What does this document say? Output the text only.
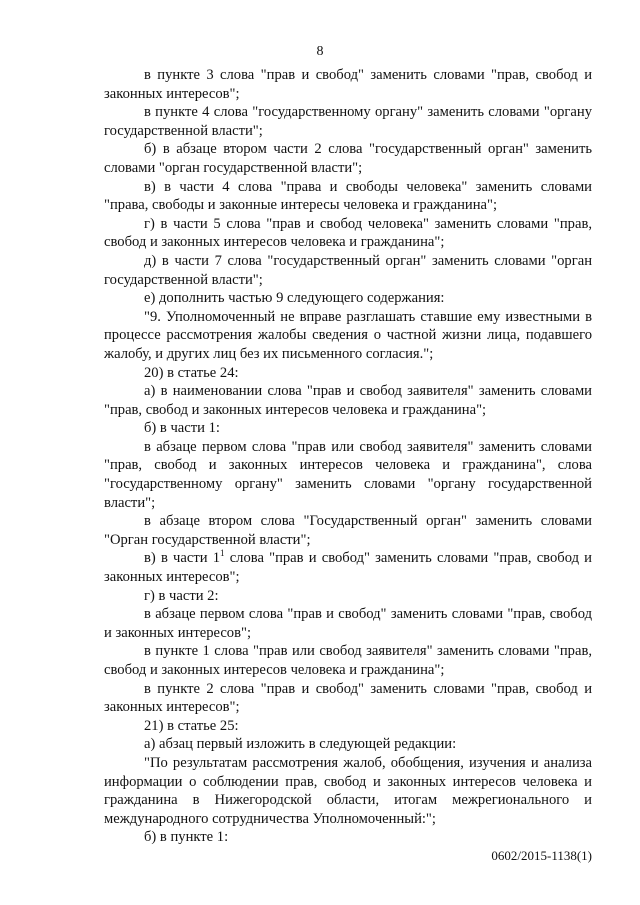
8

в пункте 3 слова "прав и свобод" заменить словами "прав, свобод и законных интересов";

в пункте 4 слова "государственному органу" заменить словами "органу государственной власти";

б) в абзаце втором части 2 слова "государственный орган" заменить словами "орган государственной власти";

в) в части 4 слова "права и свободы человека" заменить словами "права, свободы и законные интересы человека и гражданина";

г) в части 5 слова "прав и свобод человека" заменить словами "прав, свобод и законных интересов человека и гражданина";

д) в части 7 слова "государственный орган" заменить словами "орган государственной власти";

е) дополнить частью 9 следующего содержания:

"9. Уполномоченный не вправе разглашать ставшие ему известными в процессе рассмотрения жалобы сведения о частной жизни лица, подавшего жалобу, и других лиц без их письменного согласия.";

20) в статье 24:

а) в наименовании слова "прав и свобод заявителя" заменить словами "прав, свобод и законных интересов человека и гражданина";

б) в части 1:

в абзаце первом слова "прав или свобод заявителя" заменить словами "прав, свобод и законных интересов человека и гражданина", слова "государственному органу" заменить словами "органу государственной власти";

в абзаце втором слова "Государственный орган" заменить словами "Орган государственной власти";

в) в части $1^1$ слова "прав и свобод" заменить словами "прав, свобод и законных интересов";

г) в части 2:

в абзаце первом слова "прав и свобод" заменить словами "прав, свобод и законных интересов";

в пункте 1 слова "прав или свобод заявителя" заменить словами "прав, свобод и законных интересов человека и гражданина";

в пункте 2 слова "прав и свобод" заменить словами "прав, свобод и законных интересов";

21) в статье 25:

а) абзац первый изложить в следующей редакции:

"По результатам рассмотрения жалоб, обобщения, изучения и анализа информации о соблюдении прав, свобод и законных интересов человека и гражданина в Нижегородской области, итогам межрегионального и международного сотрудничества Уполномоченный:";

б) в пункте 1:

0602/2015-1138(1)
